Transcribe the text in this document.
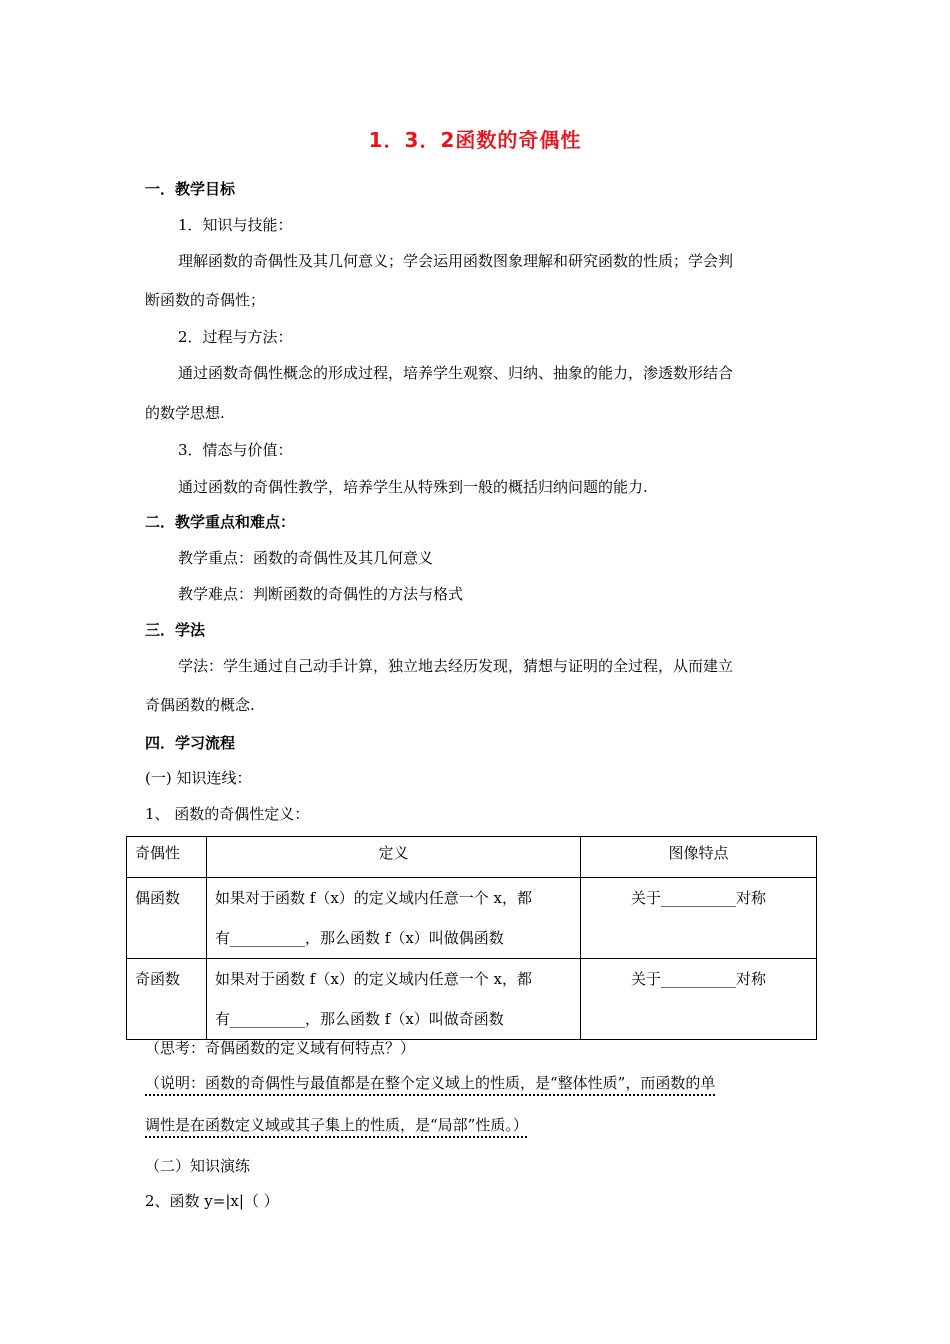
1．3．2函数的奇偶性
一．教学目标
1．知识与技能：
理解函数的奇偶性及其几何意义；学会运用函数图象理解和研究函数的性质；学会判
断函数的奇偶性；
2．过程与方法：
通过函数奇偶性概念的形成过程，培养学生观察、归纳、抽象的能力，渗透数形结合
的数学思想.
3．情态与价值：
通过函数的奇偶性教学，培养学生从特殊到一般的概括归纳问题的能力.
二．教学重点和难点：
教学重点：函数的奇偶性及其几何意义
教学难点：判断函数的奇偶性的方法与格式
三．学法
学法：学生通过自己动手计算，独立地去经历发现，猜想与证明的全过程，从而建立
奇偶函数的概念.
四．学习流程
(一) 知识连线：
1、 函数的奇偶性定义：
奇偶性	定义	图像特点
偶函数	如果对于函数 f（x）的定义域内任意一个 x，都
有__________，那么函数 f（x）叫做偶函数	关于__________对称
奇函数	如果对于函数 f（x）的定义域内任意一个 x，都
有__________，那么函数 f（x）叫做奇函数	关于__________对称
（思考：奇偶函数的定义域有何特点？）
（说明：函数的奇偶性与最值都是在整个定义域上的性质，是“整体性质”，而函数的单
调性是在函数定义域或其子集上的性质，是“局部”性质。）
（二）知识演练
2、函数 y=|x|（ ）
